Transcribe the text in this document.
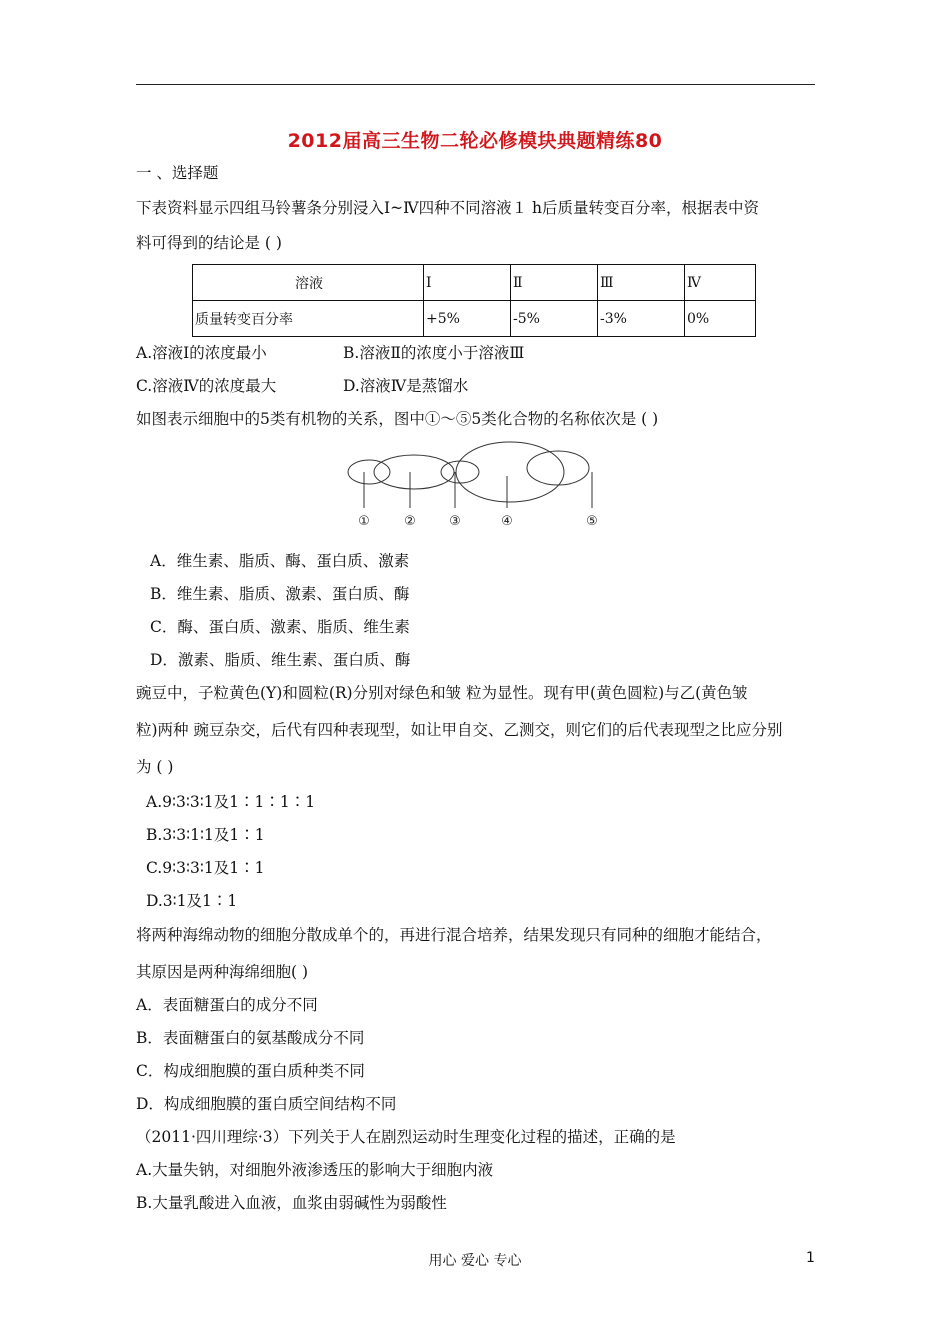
2012届高三生物二轮必修模块典题精练80
一 、选择题
下表资料显示四组马铃薯条分别浸入Ⅰ~Ⅳ四种不同溶液１ h后质量转变百分率，根据表中资
料可得到的结论是 ( )
溶液	Ⅰ	Ⅱ	Ⅲ	Ⅳ
质量转变百分率	+5%	-5%	-3%	0%
A.溶液Ⅰ的浓度最小	B.溶液Ⅱ的浓度小于溶液Ⅲ
C.溶液Ⅳ的浓度最大	D.溶液Ⅳ是蒸馏水
如图表示细胞中的5类有机物的关系，图中①～⑤5类化合物的名称依次是 ( )
①	②	③	④	⑤
A．维生素、脂质、酶、蛋白质、激素
B．维生素、脂质、激素、蛋白质、酶
C．酶、蛋白质、激素、脂质、维生素
D．激素、脂质、维生素、蛋白质、酶
豌豆中，子粒黄色(Y)和圆粒(R)分别对绿色和皱 粒为显性。现有甲(黄色圆粒)与乙(黄色皱
粒)两种 豌豆杂交，后代有四种表现型，如让甲自交、乙测交，则它们的后代表现型之比应分别
为 ( )
A.9∶3∶3∶1及1∶1∶1∶1
B.3∶3∶1∶1及1∶1
C.9∶3∶3∶1及1∶1
D.3∶1及1∶1
将两种海绵动物的细胞分散成单个的，再进行混合培养，结果发现只有同种的细胞才能结合，
其原因是两种海绵细胞( )
A．表面糖蛋白的成分不同
B．表面糖蛋白的氨基酸成分不同
C．构成细胞膜的蛋白质种类不同
D．构成细胞膜的蛋白质空间结构不同
（2011·四川理综·3）下列关于人在剧烈运动时生理变化过程的描述，正确的是
A.大量失钠，对细胞外液渗透压的影响大于细胞内液
B.大量乳酸进入血液，血浆由弱碱性为弱酸性
用心 爱心 专心	1
